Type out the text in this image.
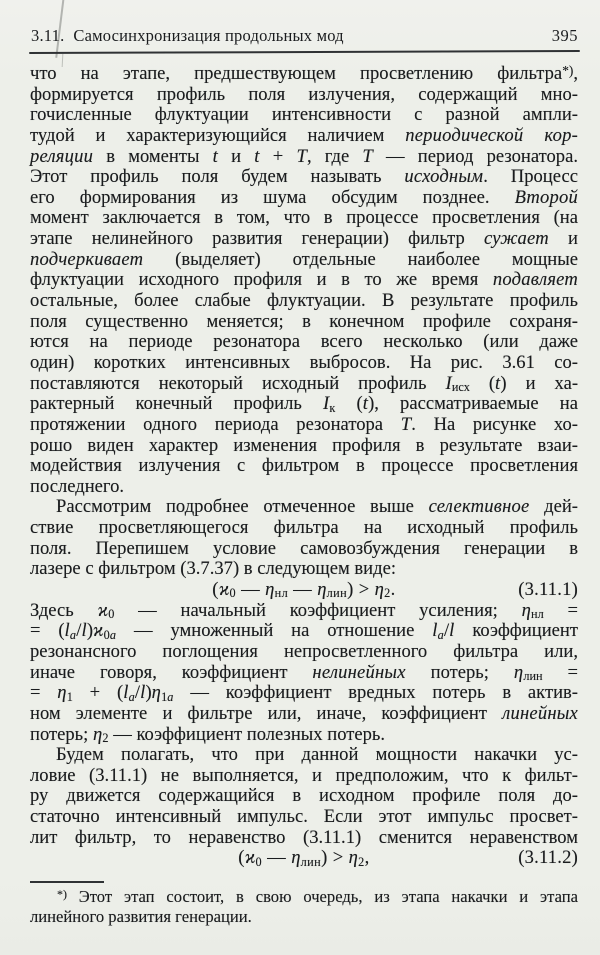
395
3.11. Самосинхронизация продольных мод
что на этапе, предшествующем просветлению фильтра*),
формируется профиль поля излучения, содержащий мно-
гочисленные флуктуации интенсивности с разной ампли-
тудой и характеризующийся наличием периодической кор-
реляции в моменты t и t + T, где T — период резонатора.
Этот профиль поля будем называть исходным. Процесс
его формирования из шума обсудим позднее. Второй
момент заключается в том, что в процессе просветления (на
этапе нелинейного развития генерации) фильтр сужает и
подчеркивает (выделяет) отдельные наиболее мощные
флуктуации исходного профиля и в то же время подавляет
остальные, более слабые флуктуации. В результате профиль
поля существенно меняется; в конечном профиле сохраня-
ются на периоде резонатора всего несколько (или даже
один) коротких интенсивных выбросов. На рис. 3.61 со-
поставляются некоторый исходный профиль $I_{исх}$ (t) и ха-
рактерный конечный профиль $I_к$ (t), рассматриваемые на
протяжении одного периода резонатора T. На рисунке хо-
рошо виден характер изменения профиля в результате взаи-
модействия излучения с фильтром в процессе просветления
последнего.
Рассмотрим подробнее отмеченное выше селективное дей-
ствие просветляющегося фильтра на исходный профиль
поля. Перепишем условие самовозбуждения генерации в
лазере с фильтром (3.7.37) в следующем виде:
($ϰ_0$ — $\eta_{нл}$ — $\eta_{лин}) > \eta_2$.	(3.11.1)
Здесь $ϰ_0$ — начальный коэффициент усиления; $\eta_{нл}$ =
= $(l_a/l)ϰ_{0a}$ — умноженный на отношение $l_a/l$ коэффициент
резонансного поглощения непросветленного фильтра или,
иначе говоря, коэффициент нелинейных потерь; $\eta_{лин}$ =
= $\eta_1 + (l_a/l)\eta_{1a}$ — коэффициент вредных потерь в актив-
ном элементе и фильтре или, иначе, коэффициент линейных
потерь; $\eta_2$ — коэффициент полезных потерь.
Будем полагать, что при данной мощности накачки ус-
ловие (3.11.1) не выполняется, и предположим, что к фильт-
ру движется содержащийся в исходном профиле поля до-
статочно интенсивный импульс. Если этот импульс просвет-
лит фильтр, то неравенство (3.11.1) сменится неравенством
($ϰ_0$ — $\eta_{лин}) > \eta_2$,	(3.11.2)
*) Этот этап состоит, в свою очередь, из этапа накачки и этапа
линейного развития генерации.
